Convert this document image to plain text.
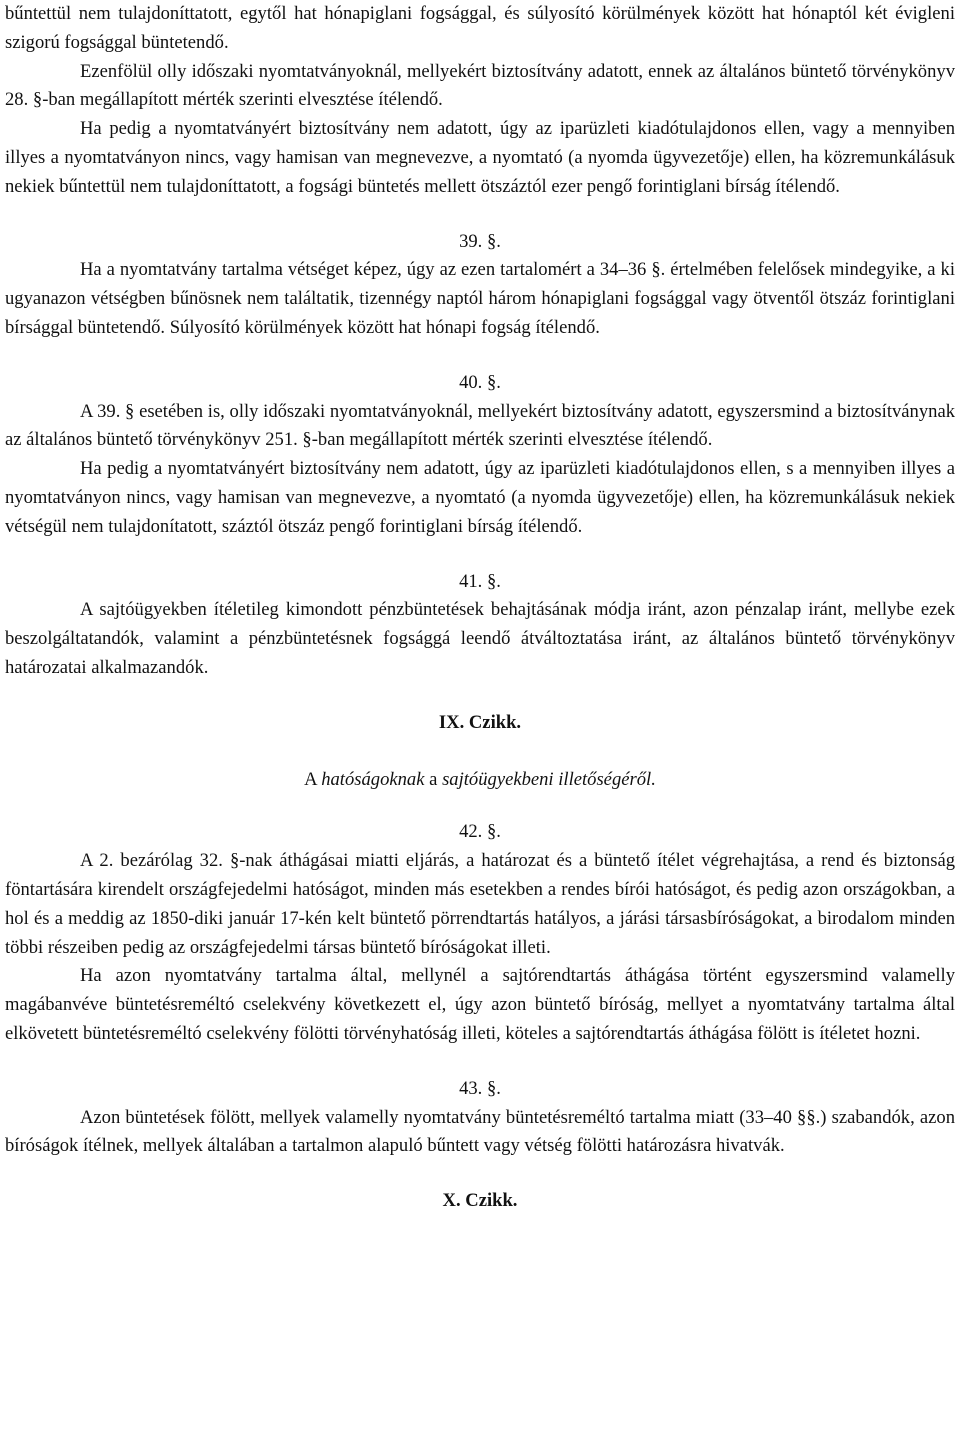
bűntettül nem tulajdoníttatott, egytől hat hónapiglani fogsággal, és súlyosító körülmények között hat hónaptól két évigleni szigorú fogsággal büntetendő.

Ezenfölül olly időszaki nyomtatványoknál, mellyekért biztosítvány adatott, ennek az általános büntető törvénykönyv 28. §-ban megállapított mérték szerinti elvesztése ítélendő.

Ha pedig a nyomtatványért biztosítvány nem adatott, úgy az iparüzleti kiadótulajdonos ellen, vagy a mennyiben illyes a nyomtatványon nincs, vagy hamisan van megnevezve, a nyomtató (a nyomda ügyvezetője) ellen, ha közremunkálásuk nekiek bűntettül nem tulajdoníttatott, a fogsági büntetés mellett ötszáztól ezer pengő forintiglani bírság ítélendő.

39. §.

Ha a nyomtatvány tartalma vétséget képez, úgy az ezen tartalomért a 34–36 §. értelmében felelősek mindegyike, a ki ugyanazon vétségben bűnösnek nem találtatik, tizennégy naptól három hónapiglani fogsággal vagy ötventől ötszáz forintiglani bírsággal büntetendő. Súlyosító körülmények között hat hónapi fogság ítélendő.

40. §.

A 39. § esetében is, olly időszaki nyomtatványoknál, mellyekért biztosítvány adatott, egyszersmind a biztosítványnak az általános büntető törvénykönyv 251. §-ban megállapított mérték szerinti elvesztése ítélendő.

Ha pedig a nyomtatványért biztosítvány nem adatott, úgy az iparüzleti kiadótulajdonos ellen, s a mennyiben illyes a nyomtatványon nincs, vagy hamisan van megnevezve, a nyomtató (a nyomda ügyvezetője) ellen, ha közremunkálásuk nekiek vétségül nem tulajdonítatott, száztól ötszáz pengő forintiglani bírság ítélendő.

41. §.

A sajtóügyekben ítéletileg kimondott pénzbüntetések behajtásának módja iránt, azon pénzalap iránt, mellybe ezek beszolgáltatandók, valamint a pénzbüntetésnek fogsággá leendő átváltoztatása iránt, az általános büntető törvénykönyv határozatai alkalmazandók.

IX. Czikk.

A hatóságoknak a sajtóügyekbeni illetőségéről.

42. §.

A 2. bezárólag 32. §-nak áthágásai miatti eljárás, a határozat és a büntető ítélet végrehajtása, a rend és biztonság föntartására kirendelt országfejedelmi hatóságot, minden más esetekben a rendes bírói hatóságot, és pedig azon országokban, a hol és a meddig az 1850-diki január 17-kén kelt büntető pörrendtartás hatályos, a járási társasbíróságokat, a birodalom minden többi részeiben pedig az országfejedelmi társas büntető bíróságokat illeti.

Ha azon nyomtatvány tartalma által, mellynél a sajtórendtartás áthágása történt egyszersmind valamelly magábanvéve büntetésreméltó cselekvény következett el, úgy azon büntető bíróság, mellyet a nyomtatvány tartalma által elkövetett büntetésreméltó cselekvény fölötti törvényhatóság illeti, köteles a sajtórendtartás áthágása fölött is ítéletet hozni.

43. §.

Azon büntetések fölött, mellyek valamelly nyomtatvány büntetésreméltó tartalma miatt (33–40 §§.) szabandók, azon bíróságok ítélnek, mellyek általában a tartalmon alapuló bűntett vagy vétség fölötti határozásra hivatvák.

X. Czikk.
